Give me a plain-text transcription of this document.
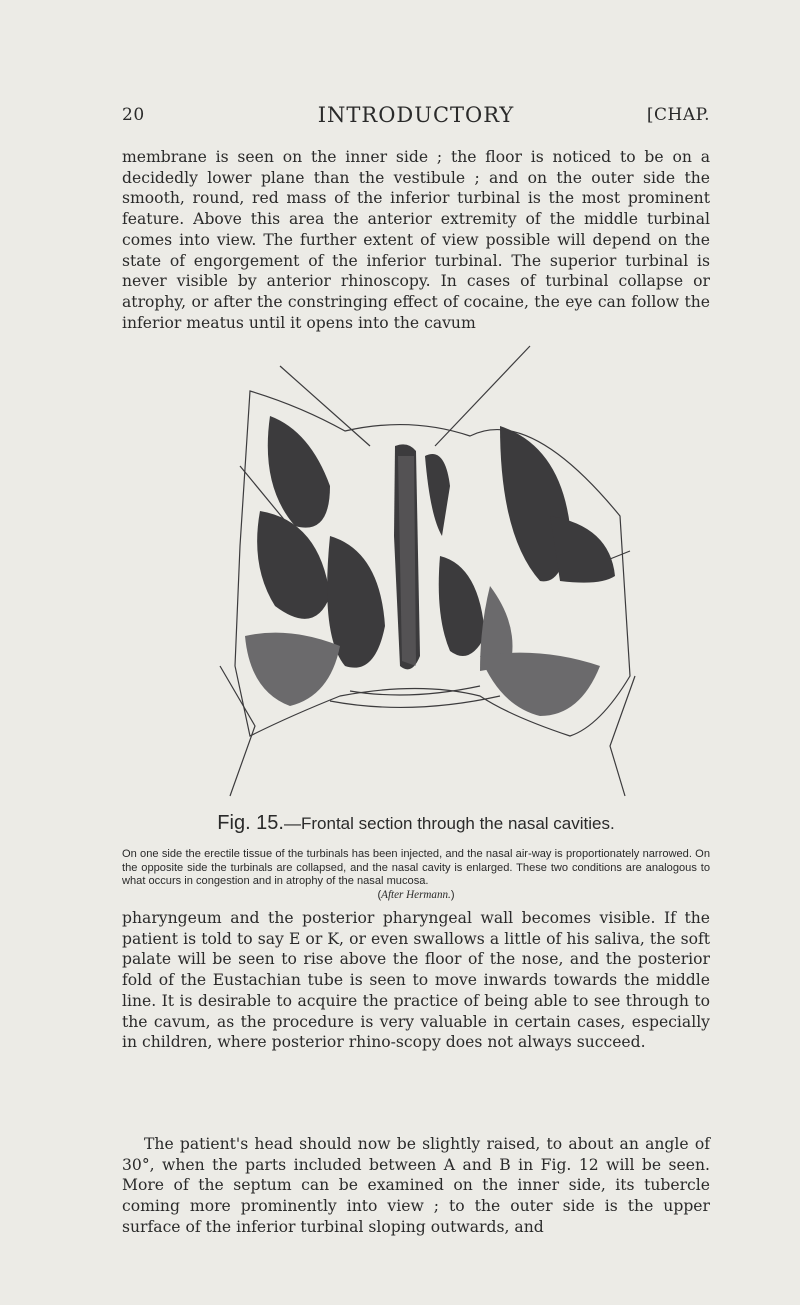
20	INTRODUCTORY	[CHAP.

membrane is seen on the inner side ; the floor is noticed to be on a decidedly lower plane than the vestibule ; and on the outer side the smooth, round, red mass of the inferior turbinal is the most prominent feature. Above this area the anterior extremity of the middle turbinal comes into view. The further extent of view possible will depend on the state of engorgement of the inferior turbinal. The superior turbinal is never visible by anterior rhinoscopy. In cases of turbinal collapse or atrophy, or after the constringing effect of cocaine, the eye can follow the inferior meatus until it opens into the cavum

Fig. 15.—Frontal section through the nasal cavities.

On one side the erectile tissue of the turbinals has been injected, and the nasal air-way is proportionately narrowed. On the opposite side the turbinals are collapsed, and the nasal cavity is enlarged. These two conditions are analogous to what occurs in congestion and in atrophy of the nasal mucosa.
(After Hermann.)

pharyngeum and the posterior pharyngeal wall becomes visible. If the patient is told to say E or K, or even swallows a little of his saliva, the soft palate will be seen to rise above the floor of the nose, and the posterior fold of the Eustachian tube is seen to move inwards towards the middle line. It is desirable to acquire the practice of being able to see through to the cavum, as the procedure is very valuable in certain cases, especially in children, where posterior rhino-scopy does not always succeed.

The patient's head should now be slightly raised, to about an angle of 30°, when the parts included between A and B in Fig. 12 will be seen. More of the septum can be examined on the inner side, its tubercle coming more prominently into view ; to the outer side is the upper surface of the inferior turbinal sloping outwards, and
